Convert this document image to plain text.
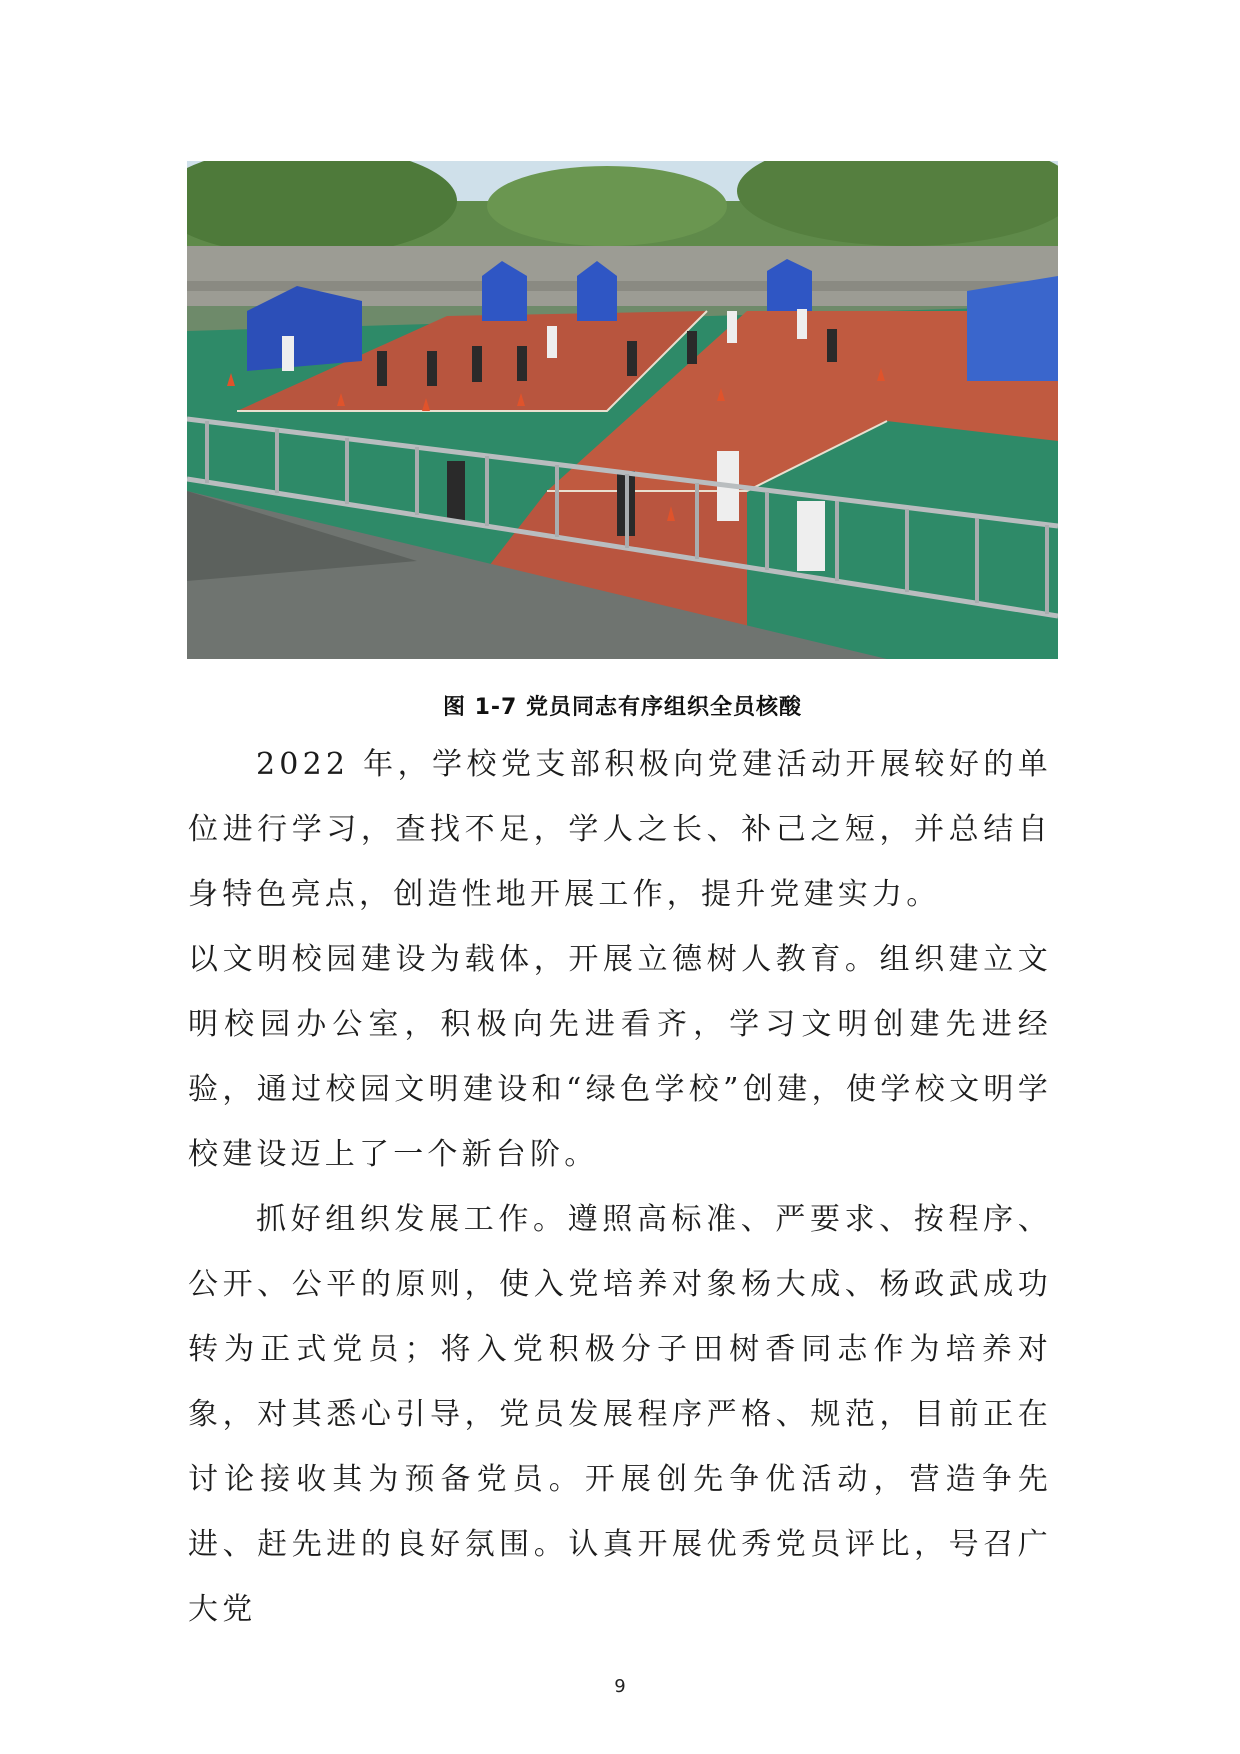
图 1-7 党员同志有序组织全员核酸
2022 年，学校党支部积极向党建活动开展较好的单位进行学习，查找不足，学人之长、补己之短，并总结自身特色亮点，创造性地开展工作，提升党建实力。
以文明校园建设为载体，开展立德树人教育。组织建立文明校园办公室，积极向先进看齐，学习文明创建先进经验，通过校园文明建设和“绿色学校”创建，使学校文明学校建设迈上了一个新台阶。
抓好组织发展工作。遵照高标准、严要求、按程序、公开、公平的原则，使入党培养对象杨大成、杨政武成功转为正式党员；将入党积极分子田树香同志作为培养对象，对其悉心引导，党员发展程序严格、规范，目前正在讨论接收其为预备党员。开展创先争优活动，营造争先进、赶先进的良好氛围。认真开展优秀党员评比，号召广大党
9
